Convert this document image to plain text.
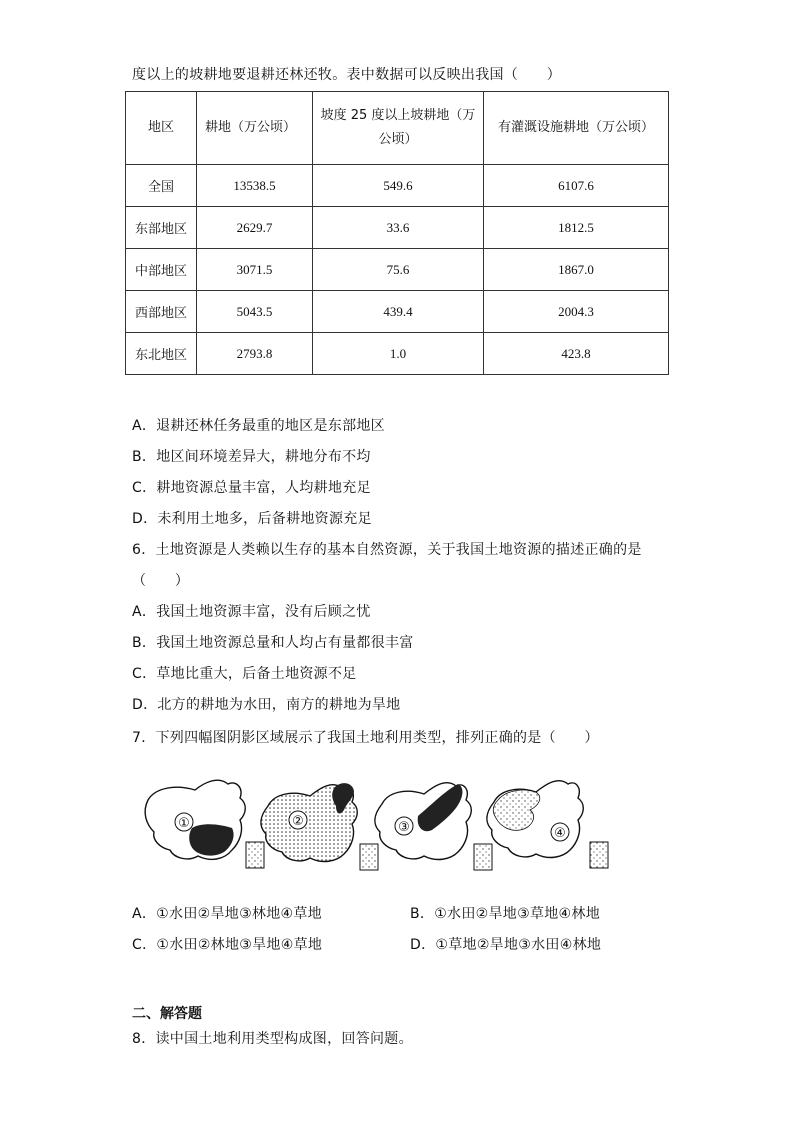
度以上的坡耕地要退耕还林还牧。表中数据可以反映出我国（　　）
地区	耕地（万公顷）	坡度 25 度以上坡耕地（万
公顷）	有灌溉设施耕地（万公顷）
全国	13538.5	549.6	6107.6
东部地区	2629.7	33.6	1812.5
中部地区	3071.5	75.6	1867.0
西部地区	5043.5	439.4	2004.3
东北地区	2793.8	1.0	423.8
A．退耕还林任务最重的地区是东部地区
B．地区间环境差异大，耕地分布不均
C．耕地资源总量丰富，人均耕地充足
D．未利用土地多，后备耕地资源充足
6．土地资源是人类赖以生存的基本自然资源，关于我国土地资源的描述正确的是
（　　）
A．我国土地资源丰富，没有后顾之忧
B．我国土地资源总量和人均占有量都很丰富
C．草地比重大，后备土地资源不足
D．北方的耕地为水田，南方的耕地为旱地
7．下列四幅图阴影区域展示了我国土地利用类型，排列正确的是（　　）
①	②	③	④
A．①水田②旱地③林地④草地	B．①水田②旱地③草地④林地
C．①水田②林地③旱地④草地	D．①草地②旱地③水田④林地
二、解答题
8．读中国土地利用类型构成图，回答问题。
